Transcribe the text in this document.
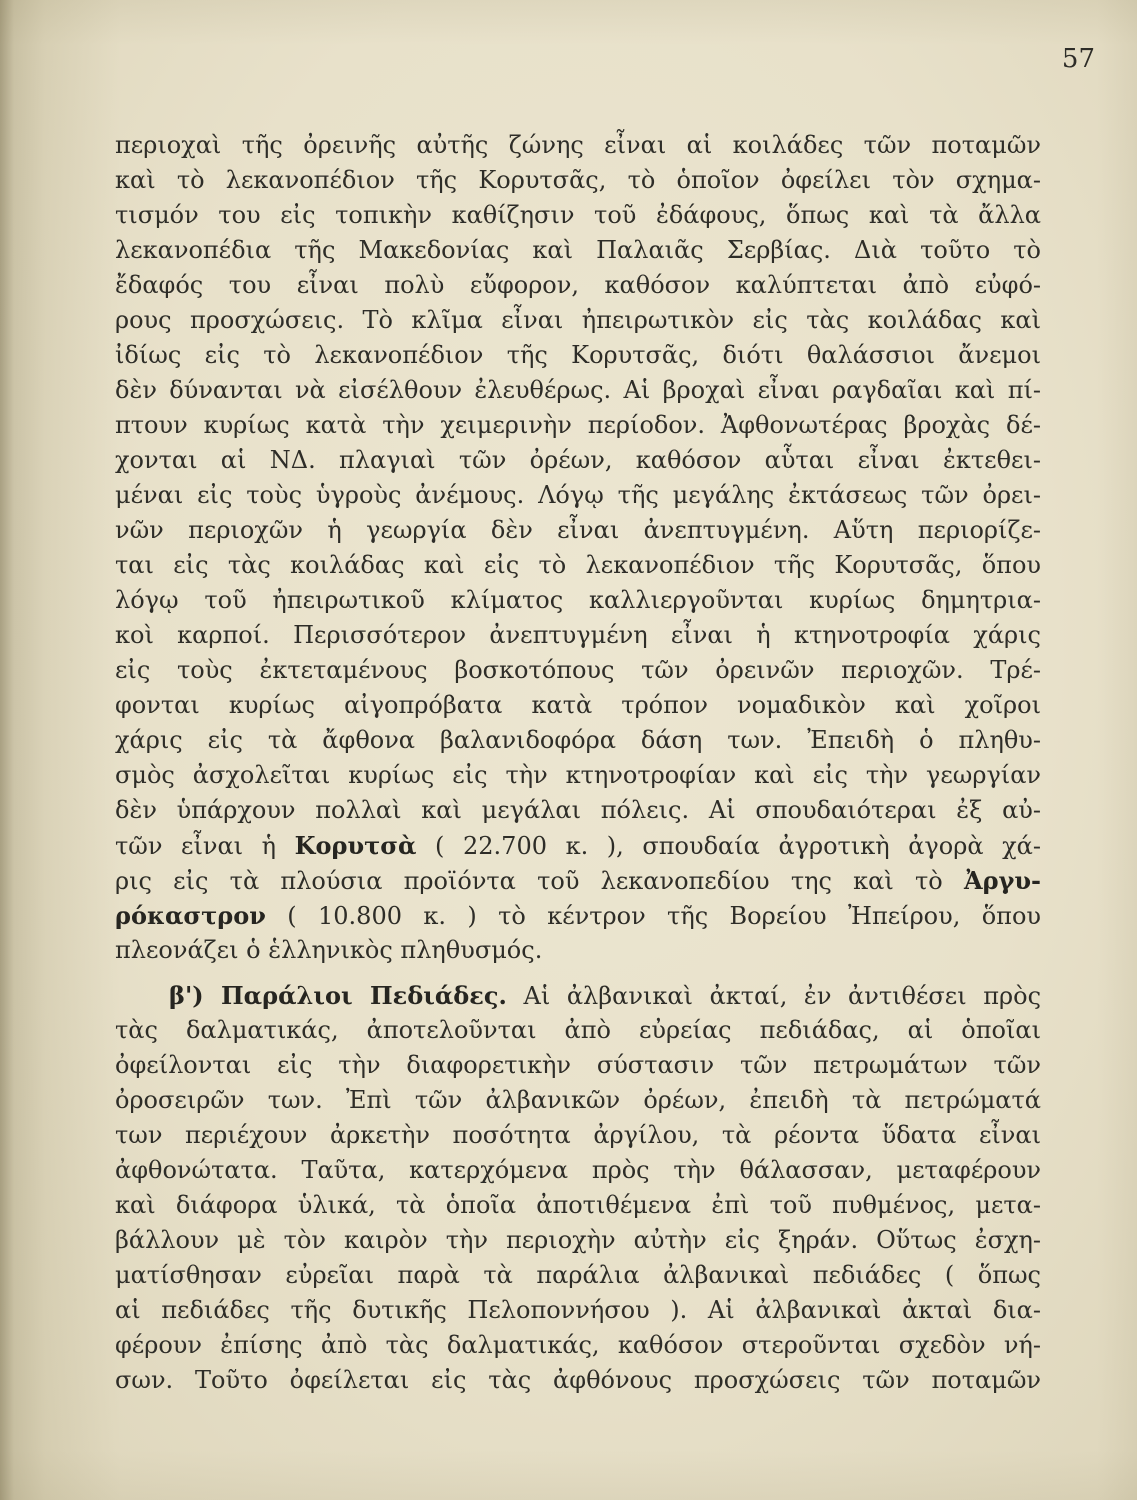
57
περιοχαὶ τῆς ὀρεινῆς αὐτῆς ζώνης εἶναι αἱ κοιλάδες τῶν ποταμῶν
καὶ τὸ λεκανοπέδιον τῆς Κορυτσᾶς, τὸ ὁποῖον ὀφείλει τὸν σχημα-
τισμόν του εἰς τοπικὴν καθίζησιν τοῦ ἐδάφους, ὅπως καὶ τὰ ἄλλα
λεκανοπέδια τῆς Μακεδονίας καὶ Παλαιᾶς Σερβίας. Διὰ τοῦτο τὸ
ἔδαφός του εἶναι πολὺ εὔφορον, καθόσον καλύπτεται ἀπὸ εὐφό-
ρους προσχώσεις. Τὸ κλῖμα εἶναι ἠπειρωτικὸν εἰς τὰς κοιλάδας καὶ
ἰδίως εἰς τὸ λεκανοπέδιον τῆς Κορυτσᾶς, διότι θαλάσσιοι ἄνεμοι
δὲν δύνανται νὰ εἰσέλθουν ἐλευθέρως. Αἱ βροχαὶ εἶναι ραγδαῖαι καὶ πί-
πτουν κυρίως κατὰ τὴν χειμερινὴν περίοδον. Ἀφθονωτέρας βροχὰς δέ-
χονται αἱ ΝΔ. πλαγιαὶ τῶν ὀρέων, καθόσον αὗται εἶναι ἐκτεθει-
μέναι εἰς τοὺς ὑγροὺς ἀνέμους. Λόγῳ τῆς μεγάλης ἐκτάσεως τῶν ὀρει-
νῶν περιοχῶν ἡ γεωργία δὲν εἶναι ἀνεπτυγμένη. Αὕτη περιορίζε-
ται εἰς τὰς κοιλάδας καὶ εἰς τὸ λεκανοπέδιον τῆς Κορυτσᾶς, ὅπου
λόγῳ τοῦ ἠπειρωτικοῦ κλίματος καλλιεργοῦνται κυρίως δημητρια-
κοὶ καρποί. Περισσότερον ἀνεπτυγμένη εἶναι ἡ κτηνοτροφία χάρις
εἰς τοὺς ἐκτεταμένους βοσκοτόπους τῶν ὀρεινῶν περιοχῶν. Τρέ-
φονται κυρίως αἰγοπρόβατα κατὰ τρόπον νομαδικὸν καὶ χοῖροι
χάρις εἰς τὰ ἄφθονα βαλανιδοφόρα δάση των. Ἐπειδὴ ὁ πληθυ-
σμὸς ἀσχολεῖται κυρίως εἰς τὴν κτηνοτροφίαν καὶ εἰς τὴν γεωργίαν
δὲν ὑπάρχουν πολλαὶ καὶ μεγάλαι πόλεις. Αἱ σπουδαιότεραι ἐξ αὐ-
τῶν εἶναι ἡ Κορυτσὰ ( 22.700 κ. ), σπουδαία ἀγροτικὴ ἀγορὰ χά-
ρις εἰς τὰ πλούσια προϊόντα τοῦ λεκανοπεδίου της καὶ τὸ Ἀργυ-
ρόκαστρον ( 10.800 κ. ) τὸ κέντρον τῆς Βορείου Ἠπείρου, ὅπου
πλεονάζει ὁ ἑλληνικὸς πληθυσμός.
β') Παράλιοι Πεδιάδες. Αἱ ἀλβανικαὶ ἀκταί, ἐν ἀντιθέσει πρὸς
τὰς δαλματικάς, ἀποτελοῦνται ἀπὸ εὐρείας πεδιάδας, αἱ ὁποῖαι
ὀφείλονται εἰς τὴν διαφορετικὴν σύστασιν τῶν πετρωμάτων τῶν
ὀροσειρῶν των. Ἐπὶ τῶν ἀλβανικῶν ὀρέων, ἐπειδὴ τὰ πετρώματά
των περιέχουν ἀρκετὴν ποσότητα ἀργίλου, τὰ ρέοντα ὕδατα εἶναι
ἀφθονώτατα. Ταῦτα, κατερχόμενα πρὸς τὴν θάλασσαν, μεταφέρουν
καὶ διάφορα ὑλικά, τὰ ὁποῖα ἀποτιθέμενα ἐπὶ τοῦ πυθμένος, μετα-
βάλλουν μὲ τὸν καιρὸν τὴν περιοχὴν αὐτὴν εἰς ξηράν. Οὕτως ἐσχη-
ματίσθησαν εὐρεῖαι παρὰ τὰ παράλια ἀλβανικαὶ πεδιάδες ( ὅπως
αἱ πεδιάδες τῆς δυτικῆς Πελοποννήσου ). Αἱ ἀλβανικαὶ ἀκταὶ δια-
φέρουν ἐπίσης ἀπὸ τὰς δαλματικάς, καθόσον στεροῦνται σχεδὸν νή-
σων. Τοῦτο ὀφείλεται εἰς τὰς ἀφθόνους προσχώσεις τῶν ποταμῶν
